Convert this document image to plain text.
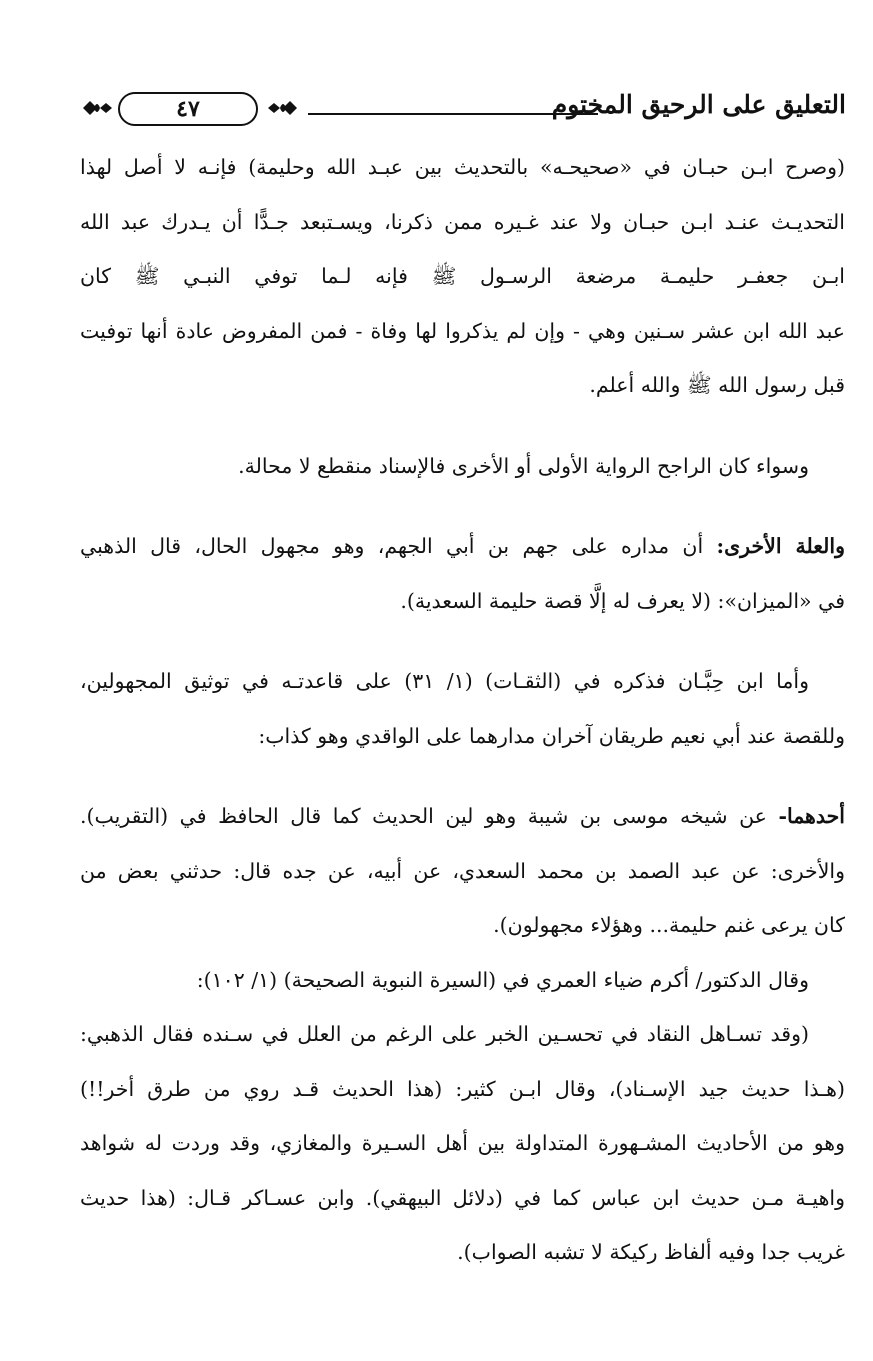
التعليق على الرحيق المختوم
٤٧
(وصرح ابـن حبـان في «صحيحـه» بالتحديث بين عبـد الله وحليمة) فإنـه لا أصل لهذا
التحديـث عنـد ابـن حبـان ولا عند غـيره ممن ذكرنا، ويسـتبعد جـدًّا أن يـدرك عبد الله
ابـن جعفـر حليمـة مرضعة الرسـول ﷺ فإنه لـما توفي النبـي ﷺ كان
عبد الله ابن عشر سـنين وهي - وإن لم يذكروا لها وفاة - فمن المفروض عادة أنها توفيت
قبل رسول الله ﷺ والله أعلم.
وسواء كان الراجح الرواية الأولى أو الأخرى فالإسناد منقطع لا محالة.
والعلة الأخرى: أن مداره على جهم بن أبي الجهم، وهو مجهول الحال، قال الذهبي
في «الميزان»: (لا يعرف له إلَّا قصة حليمة السعدية).
وأما ابن حِبَّـان فذكره في (الثقـات) (١/ ٣١) على قاعدتـه في توثيق المجهولين،
وللقصة عند أبي نعيم طريقان آخران مدارهما على الواقدي وهو كذاب:
أحدهما- عن شيخه موسى بن شيبة وهو لين الحديث كما قال الحافظ في (التقريب).
والأخرى: عن عبد الصمد بن محمد السعدي، عن أبيه، عن جده قال: حدثني بعض من
كان يرعى غنم حليمة... وهؤلاء مجهولون).
وقال الدكتور/ أكرم ضياء العمري في (السيرة النبوية الصحيحة) (١/ ١٠٢):
(وقد تسـاهل النقاد في تحسـين الخبر على الرغم من العلل في سـنده فقال الذهبي:
(هـذا حديث جيد الإسـناد)، وقال ابـن كثير: (هذا الحديث قـد روي من طرق أخر!!)
وهو من الأحاديث المشـهورة المتداولة بين أهل السـيرة والمغازي، وقد وردت له شواهد
واهيـة مـن حديث ابن عباس كما في (دلائل البيهقي). وابن عسـاكر قـال: (هذا حديث
غريب جدا وفيه ألفاظ ركيكة لا تشبه الصواب).
